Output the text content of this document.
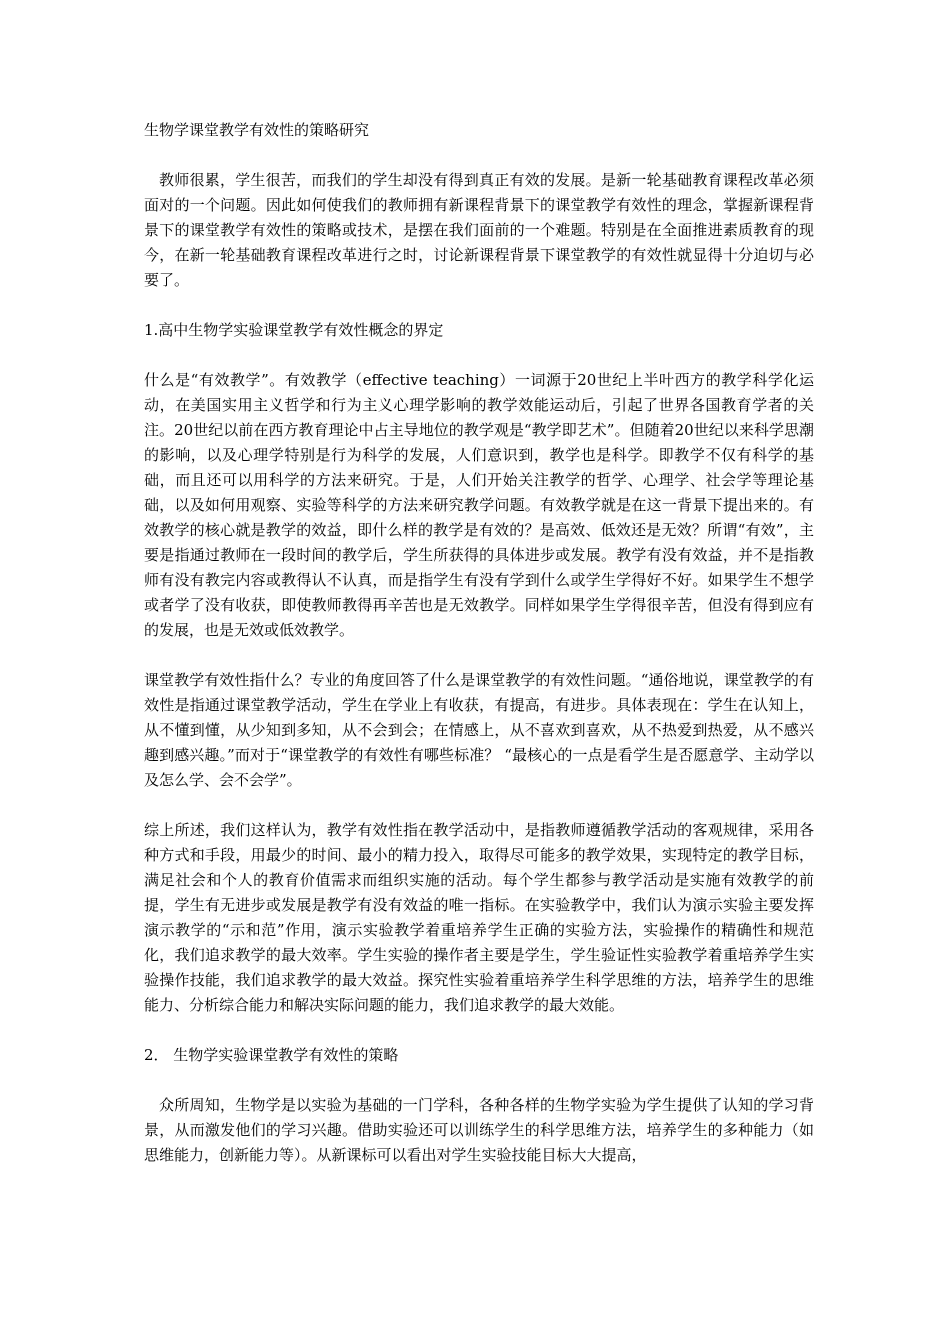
生物学课堂教学有效性的策略研究

教师很累，学生很苦，而我们的学生却没有得到真正有效的发展。是新一轮基础教育课程改革必须面对的一个问题。因此如何使我们的教师拥有新课程背景下的课堂教学有效性的理念，掌握新课程背景下的课堂教学有效性的策略或技术，是摆在我们面前的一个难题。特别是在全面推进素质教育的现今，在新一轮基础教育课程改革进行之时，讨论新课程背景下课堂教学的有效性就显得十分迫切与必要了。

1.高中生物学实验课堂教学有效性概念的界定

什么是“有效教学”。有效教学（effective teaching）一词源于20世纪上半叶西方的教学科学化运动，在美国实用主义哲学和行为主义心理学影响的教学效能运动后，引起了世界各国教育学者的关注。20世纪以前在西方教育理论中占主导地位的教学观是“教学即艺术”。但随着20世纪以来科学思潮的影响，以及心理学特别是行为科学的发展，人们意识到，教学也是科学。即教学不仅有科学的基础，而且还可以用科学的方法来研究。于是，人们开始关注教学的哲学、心理学、社会学等理论基础，以及如何用观察、实验等科学的方法来研究教学问题。有效教学就是在这一背景下提出来的。有效教学的核心就是教学的效益，即什么样的教学是有效的？是高效、低效还是无效？所谓“有效”，主要是指通过教师在一段时间的教学后，学生所获得的具体进步或发展。教学有没有效益，并不是指教师有没有教完内容或教得认不认真，而是指学生有没有学到什么或学生学得好不好。如果学生不想学或者学了没有收获，即使教师教得再辛苦也是无效教学。同样如果学生学得很辛苦，但没有得到应有的发展，也是无效或低效教学。

课堂教学有效性指什么？专业的角度回答了什么是课堂教学的有效性问题。“通俗地说，课堂教学的有效性是指通过课堂教学活动，学生在学业上有收获，有提高，有进步。具体表现在：学生在认知上，从不懂到懂，从少知到多知，从不会到会；在情感上，从不喜欢到喜欢，从不热爱到热爱，从不感兴趣到感兴趣。”而对于“课堂教学的有效性有哪些标准？ “最核心的一点是看学生是否愿意学、主动学以及怎么学、会不会学”。

综上所述，我们这样认为，教学有效性指在教学活动中，是指教师遵循教学活动的客观规律，采用各种方式和手段，用最少的时间、最小的精力投入，取得尽可能多的教学效果，实现特定的教学目标，满足社会和个人的教育价值需求而组织实施的活动。每个学生都参与教学活动是实施有效教学的前提，学生有无进步或发展是教学有没有效益的唯一指标。在实验教学中，我们认为演示实验主要发挥演示教学的“示和范”作用，演示实验教学着重培养学生正确的实验方法，实验操作的精确性和规范化，我们追求教学的最大效率。学生实验的操作者主要是学生，学生验证性实验教学着重培养学生实验操作技能，我们追求教学的最大效益。探究性实验着重培养学生科学思维的方法，培养学生的思维能力、分析综合能力和解决实际问题的能力，我们追求教学的最大效能。

2． 生物学实验课堂教学有效性的策略

众所周知，生物学是以实验为基础的一门学科，各种各样的生物学实验为学生提供了认知的学习背景，从而激发他们的学习兴趣。借助实验还可以训练学生的科学思维方法，培养学生的多种能力（如思维能力，创新能力等）。从新课标可以看出对学生实验技能目标大大提高，
